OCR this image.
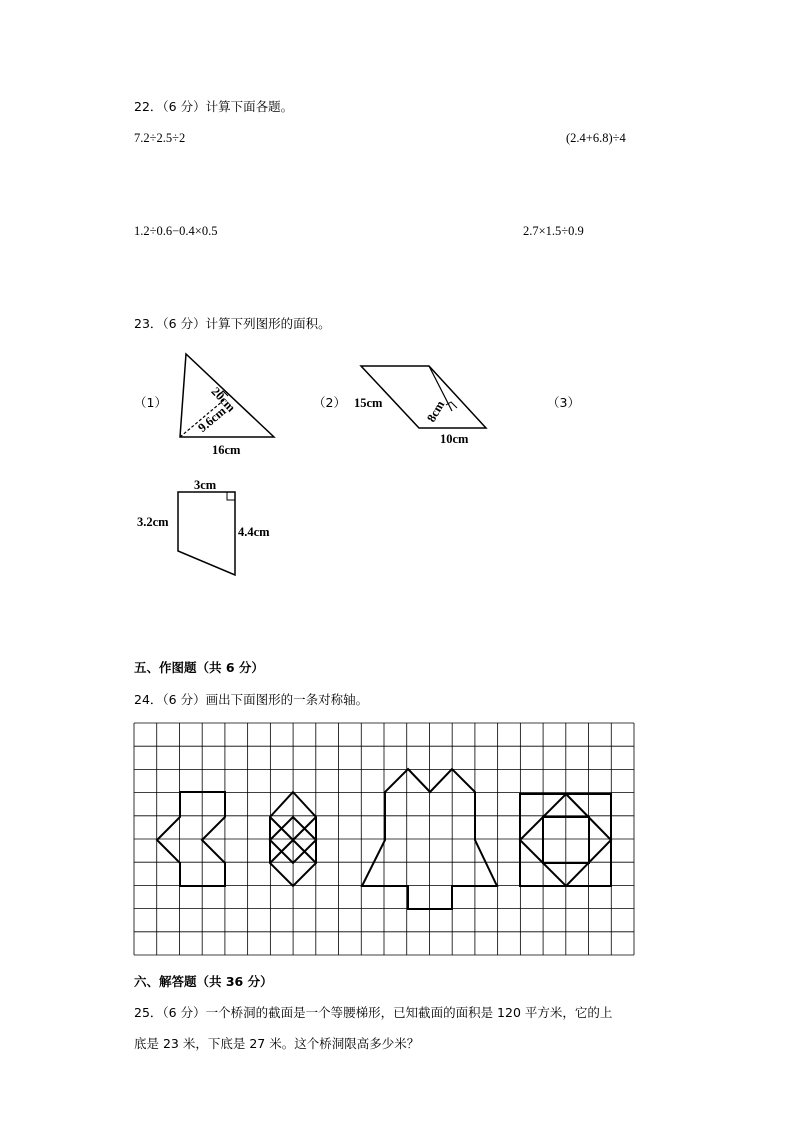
22．（6 分）计算下面各题。
7.2÷2.5÷2	(2.4+6.8)÷4
1.2÷0.6−0.4×0.5	2.7×1.5÷0.9
23．（6 分）计算下列图形的面积。
（1）	20cm
9.6cm
16cm
（2） 15cm	8cm
10cm
（3）
3cm
3.2cm
4.4cm
五、作图题（共 6 分）
24．（6 分）画出下面图形的一条对称轴。
六、解答题（共 36 分）
25．（6 分）一个桥洞的截面是一个等腰梯形，已知截面的面积是 120 平方米，它的上
底是 23 米，下底是 27 米。这个桥洞限高多少米？
